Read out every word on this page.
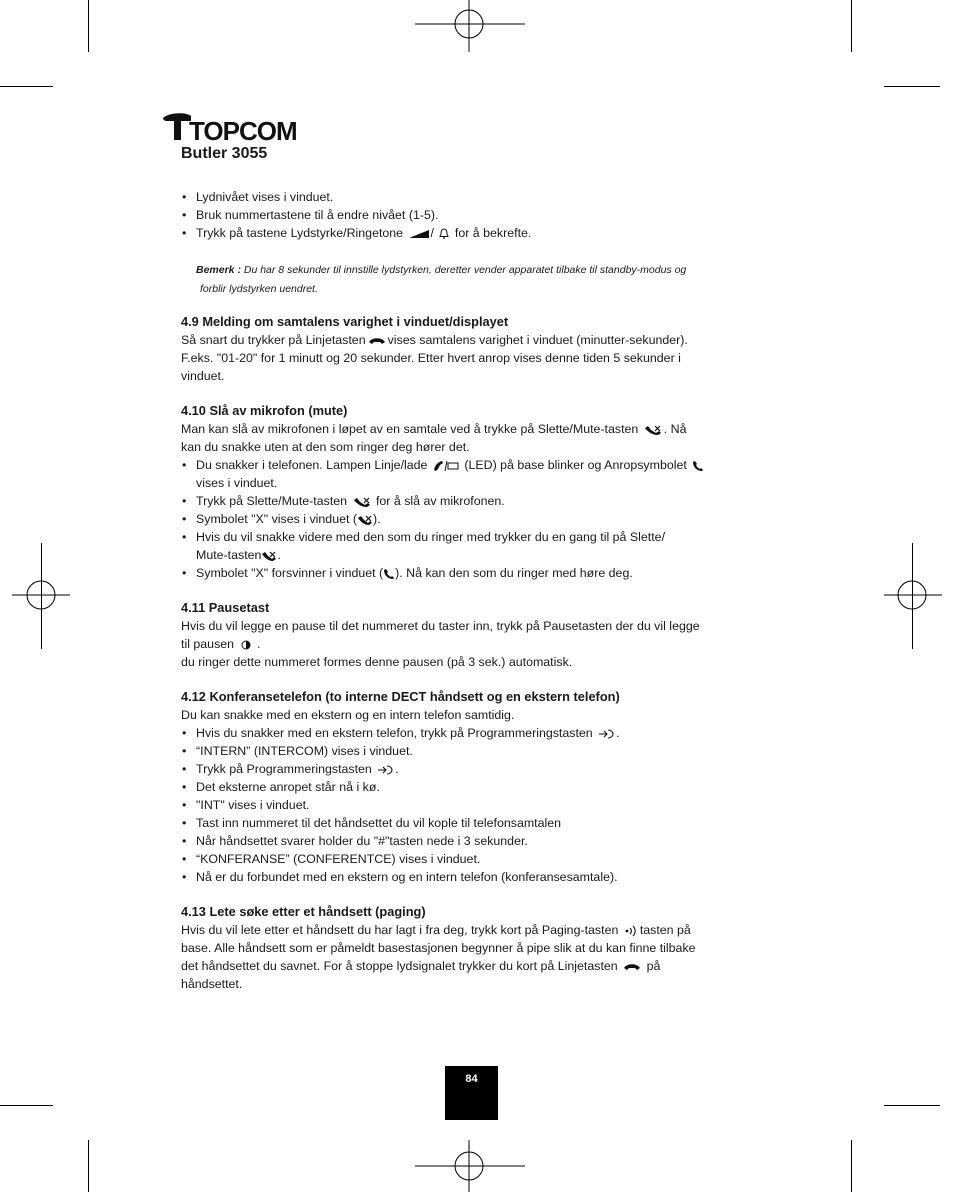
TOPCOM
Butler 3055
• Lydnivået vises i vinduet.
• Bruk nummertastene til å endre nivået (1-5).
• Trykk på tastene Lydstyrke/Ringetone / for å bekrefte.
Bemerk : Du har 8 sekunder til innstille lydstyrken, deretter vender apparatet tilbake til standby-modus og
forblir lydstyrken uendret.
4.9 Melding om samtalens varighet i vinduet/displayet

Så snart du trykker på Linjetasten vises samtalens varighet i vinduet (minutter-sekunder).

F.eks. "01-20" for 1 minutt og 20 sekunder. Etter hvert anrop vises denne tiden 5 sekunder i

vinduet.

4.10 Slå av mikrofon (mute)

Man kan slå av mikrofonen i løpet av en samtale ved å trykke på Slette/Mute-tasten . Nå

kan du snakke uten at den som ringer deg hører det.

• Du snakker i telefonen. Lampen Linje/lade	(LED) på base blinker og Anropsymbolet
vises i vinduet.
• Trykk på Slette/Mute-tasten for å slå av mikrofonen.
• Symbolet "X" vises i vinduet ( ).
• Hvis du vil snakke videre med den som du ringer med trykker du en gang til på Slette/
Mute-tasten .
• Symbolet "X" forsvinner i vinduet ( ). Nå kan den som du ringer med høre deg.
4.11 Pausetast

Hvis du vil legge en pause til det nummeret du taster inn, trykk på Pausetasten der du vil legge

til pausen .

du ringer dette nummeret formes denne pausen (på 3 sek.) automatisk.

4.12 Konferansetelefon (to interne DECT håndsett og en ekstern telefon)

Du kan snakke med en ekstern og en intern telefon samtidig.

• Hvis du snakker med en ekstern telefon, trykk på Programmeringstasten .
• “INTERN” (INTERCOM) vises i vinduet.
• Trykk på Programmeringstasten .
• Det eksterne anropet står nå i kø.
• "INT" vises i vinduet.
• Tast inn nummeret til det håndsettet du vil kople til telefonsamtalen
• Når håndsettet svarer holder du "#"tasten nede i 3 sekunder.
• “KONFERANSE” (CONFERENTCE) vises i vinduet.
• Nå er du forbundet med en ekstern og en intern telefon (konferansesamtale).
4.13 Lete søke etter et håndsett (paging)

Hvis du vil lete etter et håndsett du har lagt i fra deg, trykk kort på Paging-tasten tasten på

base. Alle håndsett som er påmeldt basestasjonen begynner å pipe slik at du kan finne tilbake

det håndsettet du savnet. For å stoppe lydsignalet trykker du kort på Linjetasten på

håndsettet.

84
